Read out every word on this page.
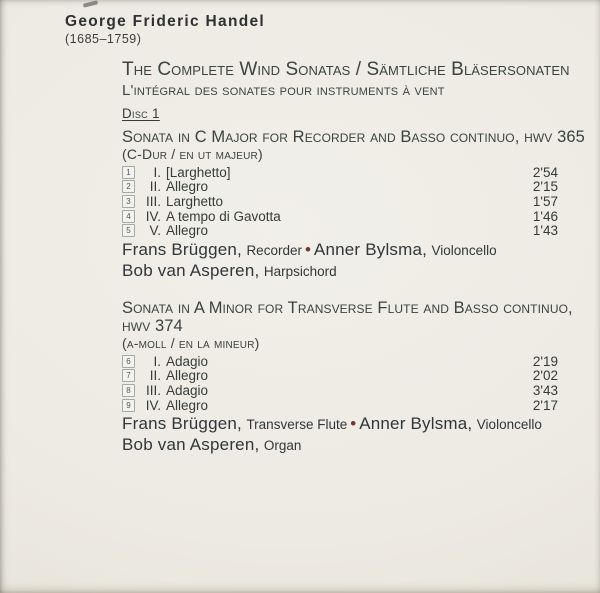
George Frideric Handel
(1685–1759)
The Complete Wind Sonatas / Sämtliche Bläsersonaten
L'intégral des sonates pour instruments à vent
Disc 1
Sonata in C Major for Recorder and Basso continuo, hwv 365
(C-Dur / en ut majeur)
1	I. [Larghetto]	2'54
2	II. Allegro	2'15
3	III. Larghetto	1'57
4	IV. A tempo di Gavotta	1'46
5	V. Allegro	1'43
Frans Brüggen, Recorder • Anner Bylsma, Violoncello
Bob van Asperen, Harpsichord
Sonata in A Minor for Transverse Flute and Basso continuo,
hwv 374
(a-moll / en la mineur)
6	I. Adagio	2'19
7	II. Allegro	2'02
8	III. Adagio	3'43
9	IV. Allegro	2'17
Frans Brüggen, Transverse Flute • Anner Bylsma, Violoncello
Bob van Asperen, Organ
